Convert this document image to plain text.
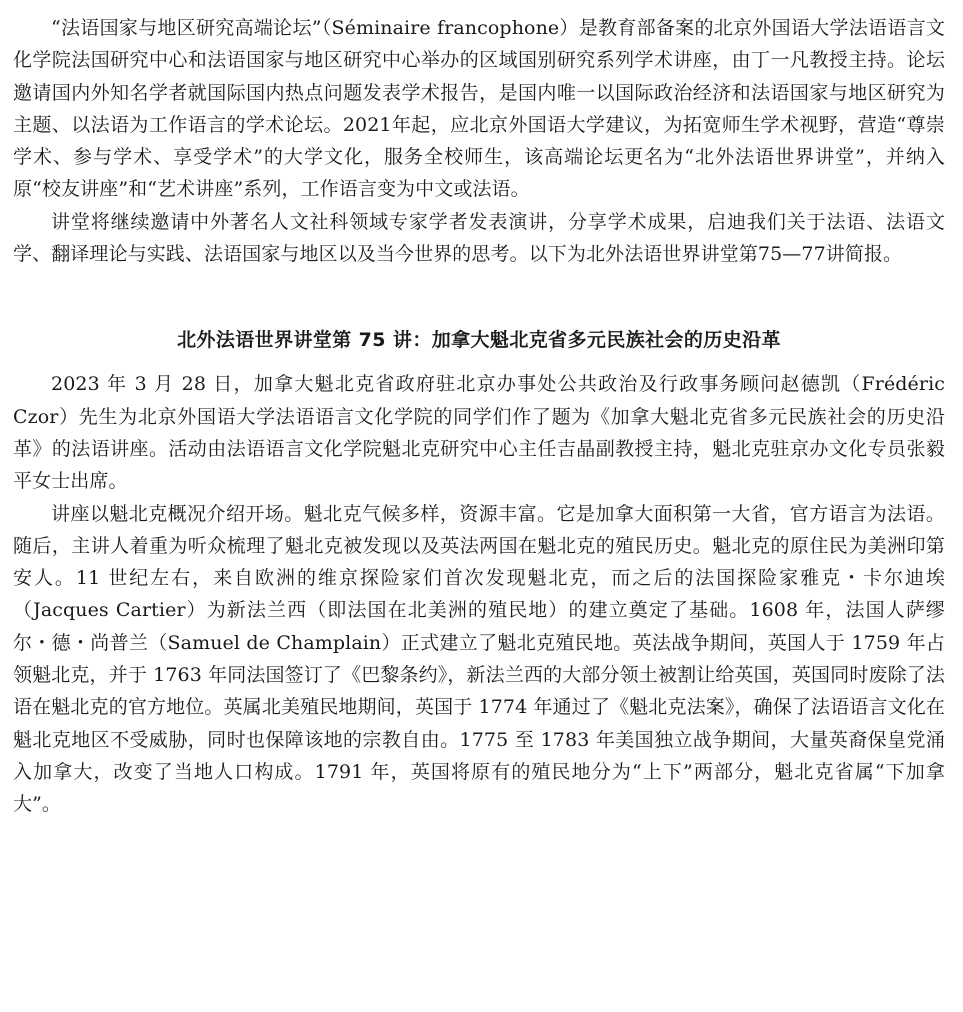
“法语国家与地区研究高端论坛”（Séminaire francophone）是教育部备案的北京外国语大学法语语言文化学院法国研究中心和法语国家与地区研究中心举办的区域国别研究系列学术讲座，由丁一凡教授主持。论坛邀请国内外知名学者就国际国内热点问题发表学术报告，是国内唯一以国际政治经济和法语国家与地区研究为主题、以法语为工作语言的学术论坛。2021年起，应北京外国语大学建议，为拓宽师生学术视野，营造“尊崇学术、参与学术、享受学术”的大学文化，服务全校师生，该高端论坛更名为“北外法语世界讲堂”，并纳入原“校友讲座”和“艺术讲座”系列，工作语言变为中文或法语。

讲堂将继续邀请中外著名人文社科领域专家学者发表演讲，分享学术成果，启迪我们关于法语、法语文学、翻译理论与实践、法语国家与地区以及当今世界的思考。以下为北外法语世界讲堂第75—77讲简报。

北外法语世界讲堂第 75 讲：加拿大魁北克省多元民族社会的历史沿革

2023 年 3 月 28 日，加拿大魁北克省政府驻北京办事处公共政治及行政事务顾问赵德凯（Frédéric Czor）先生为北京外国语大学法语语言文化学院的同学们作了题为《加拿大魁北克省多元民族社会的历史沿革》的法语讲座。活动由法语语言文化学院魁北克研究中心主任吉晶副教授主持，魁北克驻京办文化专员张毅平女士出席。

讲座以魁北克概况介绍开场。魁北克气候多样，资源丰富。它是加拿大面积第一大省，官方语言为法语。随后，主讲人着重为听众梳理了魁北克被发现以及英法两国在魁北克的殖民历史。魁北克的原住民为美洲印第安人。11 世纪左右，来自欧洲的维京探险家们首次发现魁北克，而之后的法国探险家雅克・卡尔迪埃（Jacques Cartier）为新法兰西（即法国在北美洲的殖民地）的建立奠定了基础。1608 年，法国人萨缪尔・德・尚普兰（Samuel de Champlain）正式建立了魁北克殖民地。英法战争期间，英国人于 1759 年占领魁北克，并于 1763 年同法国签订了《巴黎条约》，新法兰西的大部分领土被割让给英国，英国同时废除了法语在魁北克的官方地位。英属北美殖民地期间，英国于 1774 年通过了《魁北克法案》，确保了法语语言文化在魁北克地区不受威胁，同时也保障该地的宗教自由。1775 至 1783 年美国独立战争期间，大量英裔保皇党涌入加拿大，改变了当地人口构成。1791 年，英国将原有的殖民地分为“上下”两部分，魁北克省属“下加拿大”。
